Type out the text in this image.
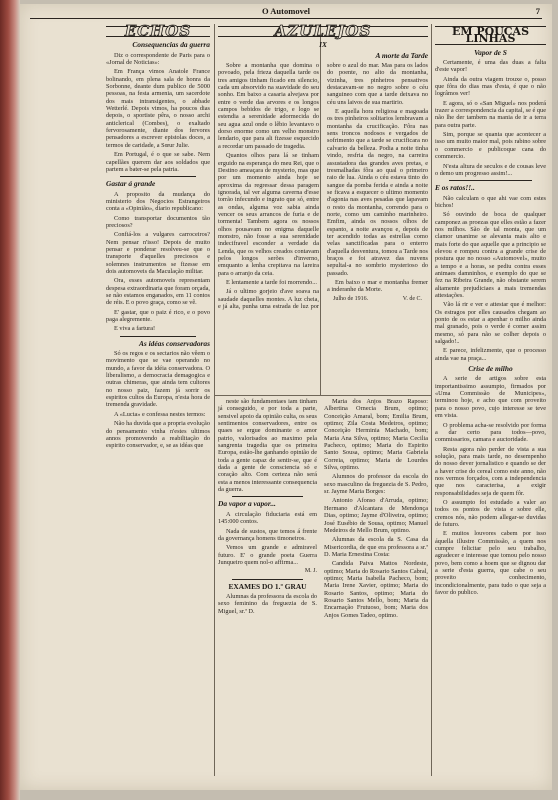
O Automovel	7
ECHOS
Consequencias da guerra

Diz o correspondente de Paris para o «Jornal de Noticias»:

Em França vimos Anatole France bolinando, em plena sala de honra da Sorbonne, deante dum publico de 5000 pessoas, na festa armenia, um sacerdote dos mais intransigentes, o abbade Wetterlé. Depois vimos, ha poucos dias depois, o sportiste pêra, o nosso archi anticlerical (Combes), o exaltado fervorosamente, diante dos fervores pensadores a escrever epistolas doces, a termos de caridade, a Sœur Julie.

Em Portugal, é o que se sabe. Nem capellães querem dar aos soldados que partem a bater-se pela patria.

Gastar á grande

A proposito da mudança do ministerio dos Negocios Estrangeiros conta a «Opinião», diario republicano:

Como transportar documentos tão preciosos?

Confiá-los a vulgares carroceiros? Nem pensar n'isso! Depois de muito pensar e ponderar resolveu-se que o transporte d'aquelles preciosos e solemnes instrumentos se fizesse em dois automoveis da Maculação militar.

Ora, esses automoveis representam despesa extraordinaria que foram orçada, se não estamos enganados, em 11 contos de réis. E o povo graça, como se vê.

E' gastar, que o paiz é rico, e o povo paga alegremente.

E viva a fartura!

As idéas conservadoras

Só os regos e os sectarios não vêem o movimento que se vae operando no mundo, a favor da idéia conservadora. O liberalismo, a democracia demagogica e outras chimeras, que ainda tem cultores no nosso paiz, fazem já sorrir os espiritos cultos da Europa, n'esta hora de tremenda gravidade.

A «Lucta» e confessa nestes termos:

Não ha duvida que a propria evolução do pensamento vinha n'estes ultimos annos promovendo a reabilitação do espirito conservador, e, se as idéas que

AZULEJOS
IX
A morte da Tarde

Sobre a montanha que domina o povoado, pela frieza daquella tarde os tres amigos tinham ficado em silencio, cada um absorvido na suavidade do seu sonho. Em baixo a casaria alvejava por entre o verde das arvores e os longos campos bebidos de trigo, e logo se estendia a serenidade adormecida do seu agua azul onde o lêbio levantavo o dorso enorme como um velho monstro lendario, que para ali fizesse esquecido a recordar um passado de tragedia.

Quantos olhos para lá se tinham erguido na esperança do meu Rei, que o Destino ameaçara de mysterio, mas que por um momento ainda hoje se aproxima da regressar dessa paragem ignorada, tal ver alguma caverna d'esse torrão infecundo e ingrato que só, entre as ondas, alguma voz sabia ainda vencer os seus arrancos de furia e de tormenta! Tambem agora os nossos olhos pousavam no enigma daquelle monstro, não fosse a sua serenidade indecifravel esconder a verdade da Lenda, que os velhos creados contavam pelos longos serões d'inverno, emquanto a lenha crepitava na lareira para o arranjo da ceia.

E lentamente a tarde foi morrendo...

Já o ultimo gorjeio d'ave soava na saudade daquelles montes. A luz cheia, e já alta, punha uma estrada de luz por sobre o azul do mar. Mas para os lados do poente, no alto da montanha, vizinha, tres pinheiros pensativos destacavam-se no negro sobre o céu sanguineo com que a tarde deixava no céu uns laivos de sua martirio.

E aquella hora religiosa e magoada os tres pinheiros solitarios lembravam a montanha da crucificação. Fôra nas sens troncos nodosos e vergados de sofrimento que a tarde se crucificara no calvario da belleza. Podia a noite tinha vindo, resfria da negro, na carreira assustadora das grandes aves pretas, e tresmalhadas fôra ao qual o primeiro raio de lua. Ainda o céu estava tinto do sangue da pomba ferida e ainda a noite se ficava a esquecer o ultimo momento d'agonia nas aves pesadas que lapavam o resto da montanha, correndo para o norte, como um caminho marinheiro. Emfim, ainda os nossos olhos de espanto, a noite avançou e, depois de ter acendido todas as estrellas como velas sanctificadas para o enterro d'aquella desventura, tomou a Tarde nos braços e foi atravez das nuvens sepultal-a no sombrio mysterioso do passado.

Em baixo o mar e montanha fremer a inderanhe da Morte.

Julho de 1916.	V. de C.

neste são fundamentaes iam tinham já conseguido, e por toda a parte, sensivel apoio da opinião culta, os seus sentimentos conservadores, entre os quaes se ergue dominante o amor patrio, valorisados ao maximo pela sangrenta tragedia que os primeira Europa, estão-lhe ganhando opinião de toda a gente capaz de sentir-se, que é dada a gente de consciencia só e coração alto. Com certeza não será esta a menos interessante consequencia da guerra.

Da vapor a vapor...

A circulação fiduciaria está em 145:000 contos.

Nada de sustos, que temos á frente da governança homens timoneiros.

Vemos um grande e admiravel futuro. E' o grande poeta Guerra Junqueiro quem nol-o affirma...

M. J.
EXAMES DO 1.º GRAU

Alumnas da professora da escola do sexo feminino da freguezia de S. Miguel, sr.ª D.

Maria dos Anjos Brazo Raposo: Albertina Ornecia Brum, optimo; Conceição Amaral, bom; Emilia Brum, optimo; Zila Costa Medeiros, optimo; Conceição Herminia Machado, bom; Maria Ana Silva, optimo; Maria Cecilia Pacheco, optimo; Maria do Espirito Santo Sousa, optimo; Maria Gabriela Correia, optimo; Maria de Lourdes Silva, optimo.

Alumnos do professor da escola do sexo masculino da freguezia de S. Pedro, sr. Jayme Maria Borges:

Antonio Afonso d'Arruda, optimo; Hermano d'Alcantara de Mendonça Dias, optimo; Jayme d'Oliveira, optimo; José Eusébio de Sousa, optimo; Manuel Medeiros de Mello Brum, optimo.

Alumnas da escola da S. Casa da Misericordia, de que era professora a sr.ª D. Maria Ernestina Costa:

Candida Paiva Mattos Nordeste, optimo; Maria do Rosario Santos Cabral, optimo; Maria Isabella Pacheco, bom; Maria Irene Xavier, optimo; Maria do Rosario Santos, optimo; Maria do Rosario Santos Mello, bom; Maria da Encarnação Frutuoso, bom; Maria dos Anjos Gomes Tadeo, optimo.

EM POUCAS LINHAS
Vapor de S

Certamente, é uma das duas a falta d'este vapor!

Ainda da outra viagem trouxe o, posso que fôra do dias mas d'esta, é que o não logrâmos ver!

E agora, só o «San Miguel» nos poderá trazer a correspondencia da capital, se é que não lhe der tambem na mania de ir a terra para outra parte.

Sim, porque se quanta que acontecer a isso um muito maior mal, pois rabino sobre o commercio e publicoque cana do commercio.

N'esta altura de seculos e de cousas leve o demo um progresso assim!...

E os ratos!!..

Não calculam o que ahi vae com estes bichos!

Só ouvindo de boca de qualquer camponez as proezas que elles estão a fazer nos milhos. São de tal monta, que um clamor unanime se alevanta mais alto e mais forte do que aquelle que a principio se elevou e rompeu contra a grande crise de postura que no nosso «Automovel», muito a tempo e a horas, se pediu contra esses animaes damninhos, e exemplo do que se fez na Ribeira Grande, não obstante serem altamente prejudiciaes a mais tremendas attestações.

Vão lá rir e ver e attestar que é melhor: Os estragos por elles causados chegam ao ponto de os estar a apenhar o milho ainda mal granado, pois o verde é comer assim mesmo, só para não se colher depois o salgado!..

E parece, infelizmente, que o processo ainda vae na praça...

Crise de milho

A serie de artigos sobre esta importantissimo assumpto, firmados por «Uma Commissão de Municipes», terminou hoje, e acho que com proveito para o nosso povo, cujo interesse se teve em vista.

O problema acha-se resolvido por forma a dar certo para todos—povo, commissarios, camara e auctoridade.

Resta agora não perder de vista a sua solução, para mais tarde, no desempenho do nosso dever jornalistico e quando se der a haver crise do cereal como este anno, não nos vermos forçados, com a independencia que nos caracterisa, a exigir responsabilidades seja de quem fôr.

O assumpto foi estudado a valer ao todos os pontos de vista e sobre elle, cremos nós, não podem allegar-se duvidas de futuro.

E muitos louvores cabem por isso áquella illustre Commissão, a quem nos cumpre felicitar pelo seu trabalho, agradecer e interesse que tomou pelo nosso povo, bem como a hoem que se dignou dar a serie d'esta guerra, que cabe o seu proveito conhecimento, incondicionalmente, para tudo o que seja a favor do publico.
